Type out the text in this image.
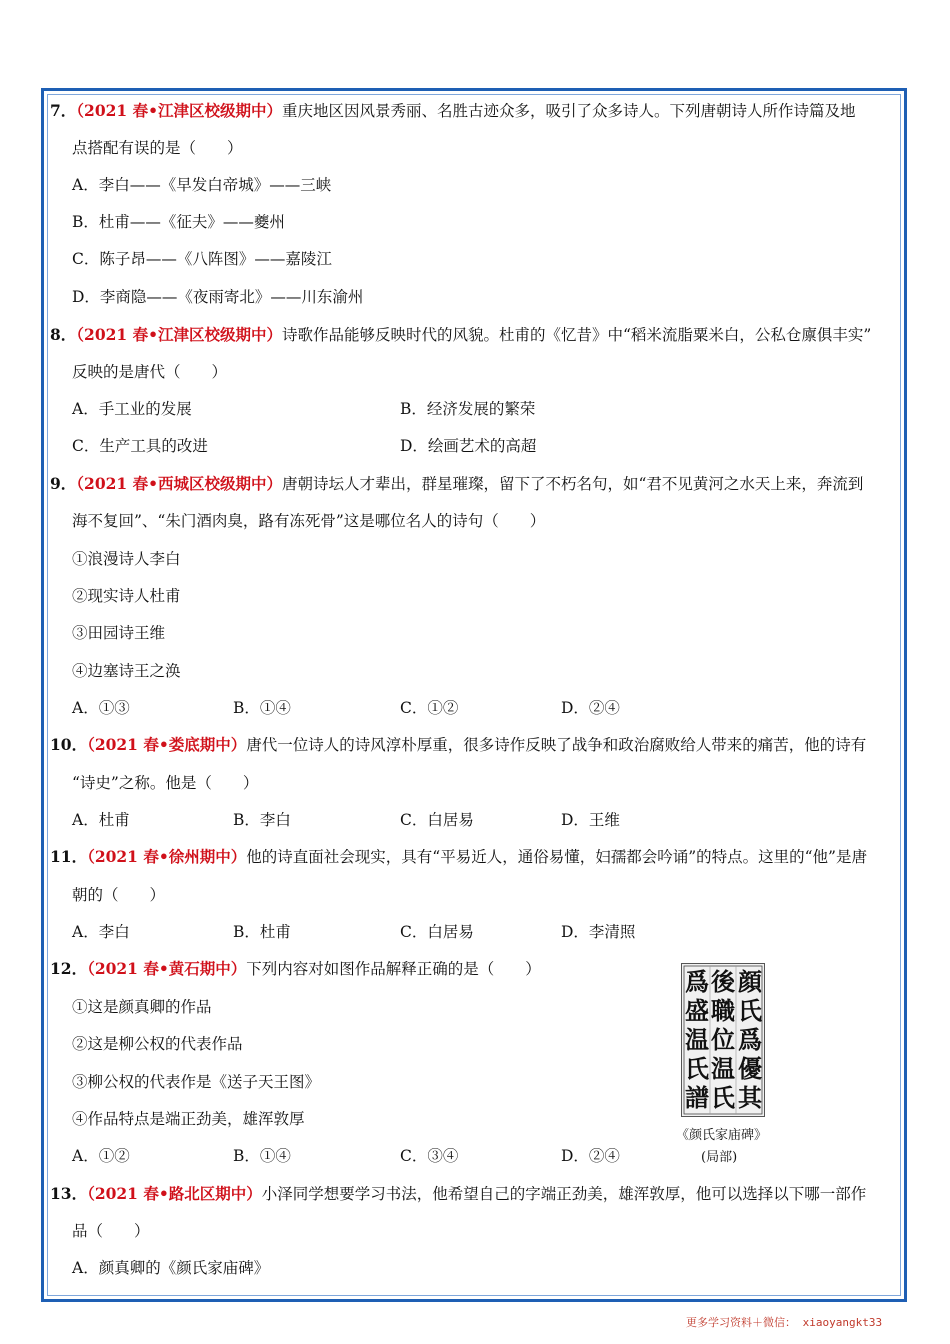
7．（2021 春•江津区校级期中）重庆地区因风景秀丽、名胜古迹众多，吸引了众多诗人。下列唐朝诗人所作诗篇及地
点搭配有误的是（　　）
A．李白——《早发白帝城》——三峡
B．杜甫——《征夫》——夔州
C．陈子昂——《八阵图》——嘉陵江
D．李商隐——《夜雨寄北》——川东渝州
8．（2021 春•江津区校级期中）诗歌作品能够反映时代的风貌。杜甫的《忆昔》中“稻米流脂粟米白，公私仓廪俱丰实”
反映的是唐代（　　）
A．手工业的发展	B．经济发展的繁荣
C．生产工具的改进	D．绘画艺术的高超
9．（2021 春•西城区校级期中）唐朝诗坛人才辈出，群星璀璨，留下了不朽名句，如“君不见黄河之水天上来，奔流到
海不复回”、“朱门酒肉臭，路有冻死骨”这是哪位名人的诗句（　　）
①浪漫诗人李白
②现实诗人杜甫
③田园诗王维
④边塞诗王之涣
A．①③	B．①④	C．①②	D．②④
10．（2021 春•娄底期中）唐代一位诗人的诗风淳朴厚重，很多诗作反映了战争和政治腐败给人带来的痛苦，他的诗有
“诗史”之称。他是（　　）
A．杜甫	B．李白	C．白居易	D．王维
11．（2021 春•徐州期中）他的诗直面社会现实，具有“平易近人，通俗易懂，妇孺都会吟诵”的特点。这里的“他”是唐
朝的（　　）
A．李白	B．杜甫	C．白居易	D．李清照
12．（2021 春•黄石期中）下列内容对如图作品解释正确的是（　　）
①这是颜真卿的作品
②这是柳公权的代表作品
③柳公权的代表作是《送子天王图》
④作品特点是端正劲美，雄浑敦厚
A．①②	B．①④	C．③④	D．②④
顔
氏
爲
優
其
後
職
位
温
氏
爲
盛
温
氏
譜
《颜氏家庙碑》
(局部)
13．（2021 春•路北区期中）小泽同学想要学习书法，他希望自己的字端正劲美，雄浑敦厚，他可以选择以下哪一部作
品（　　）
A．颜真卿的《颜氏家庙碑》
更多学习资料＋微信： xiaoyangkt33
